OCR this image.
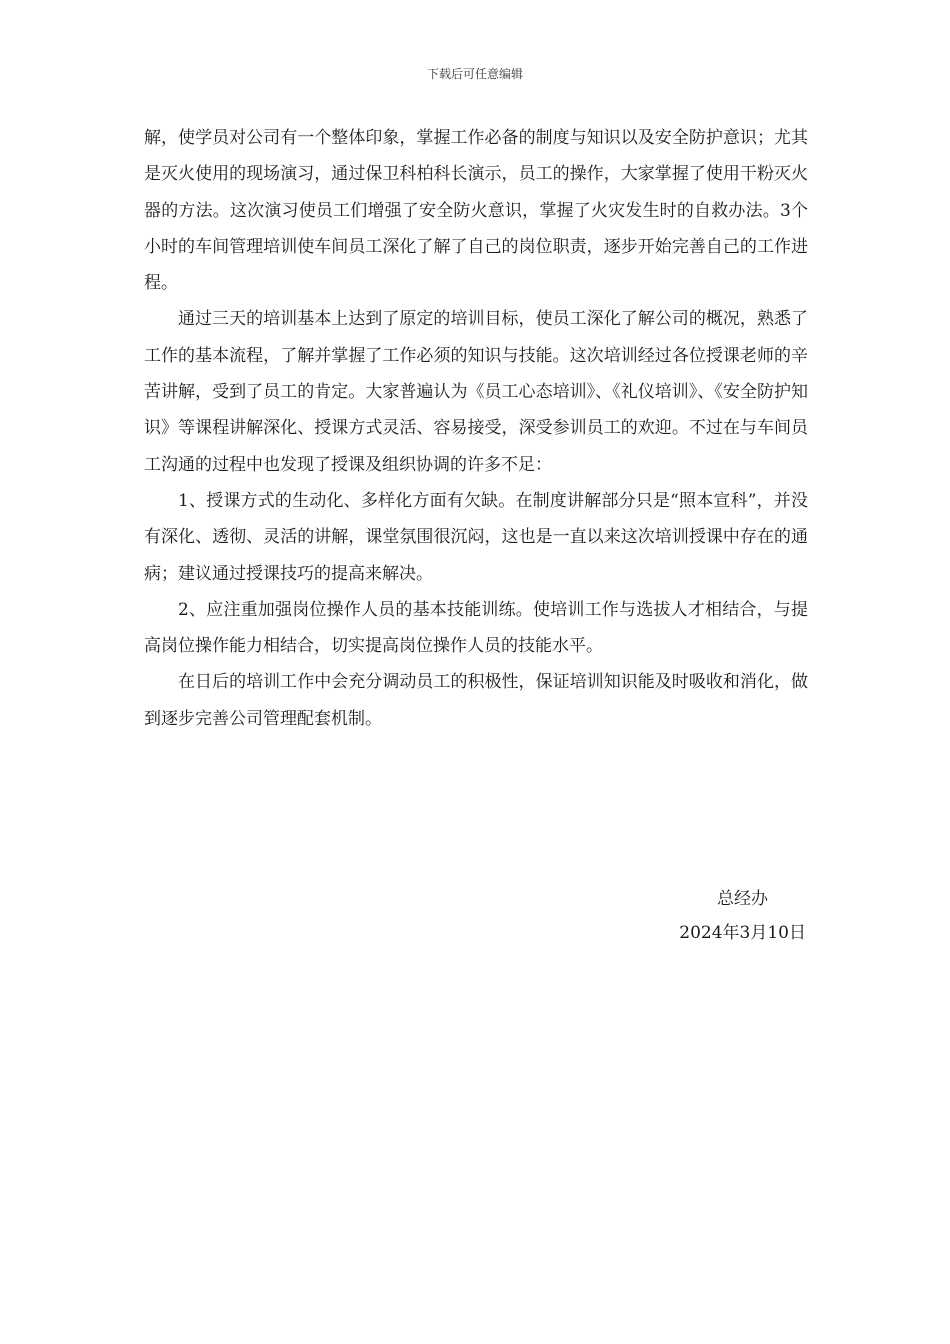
下载后可任意编辑

解，使学员对公司有一个整体印象，掌握工作必备的制度与知识以及安全防护意识；尤其是灭火使用的现场演习，通过保卫科柏科长演示，员工的操作，大家掌握了使用干粉灭火器的方法。这次演习使员工们增强了安全防火意识，掌握了火灾发生时的自救办法。3个小时的车间管理培训使车间员工深化了解了自己的岗位职责，逐步开始完善自己的工作进程。

通过三天的培训基本上达到了原定的培训目标，使员工深化了解公司的概况，熟悉了工作的基本流程，了解并掌握了工作必须的知识与技能。这次培训经过各位授课老师的辛苦讲解，受到了员工的肯定。大家普遍认为《员工心态培训》、《礼仪培训》、《安全防护知识》等课程讲解深化、授课方式灵活、容易接受，深受参训员工的欢迎。不过在与车间员工沟通的过程中也发现了授课及组织协调的许多不足：

1、授课方式的生动化、多样化方面有欠缺。在制度讲解部分只是“照本宣科”，并没有深化、透彻、灵活的讲解，课堂氛围很沉闷，这也是一直以来这次培训授课中存在的通病；建议通过授课技巧的提高来解决。

2、应注重加强岗位操作人员的基本技能训练。使培训工作与选拔人才相结合，与提高岗位操作能力相结合，切实提高岗位操作人员的技能水平。

在日后的培训工作中会充分调动员工的积极性，保证培训知识能及时吸收和消化，做到逐步完善公司管理配套机制。

总经办
2024年3月10日
